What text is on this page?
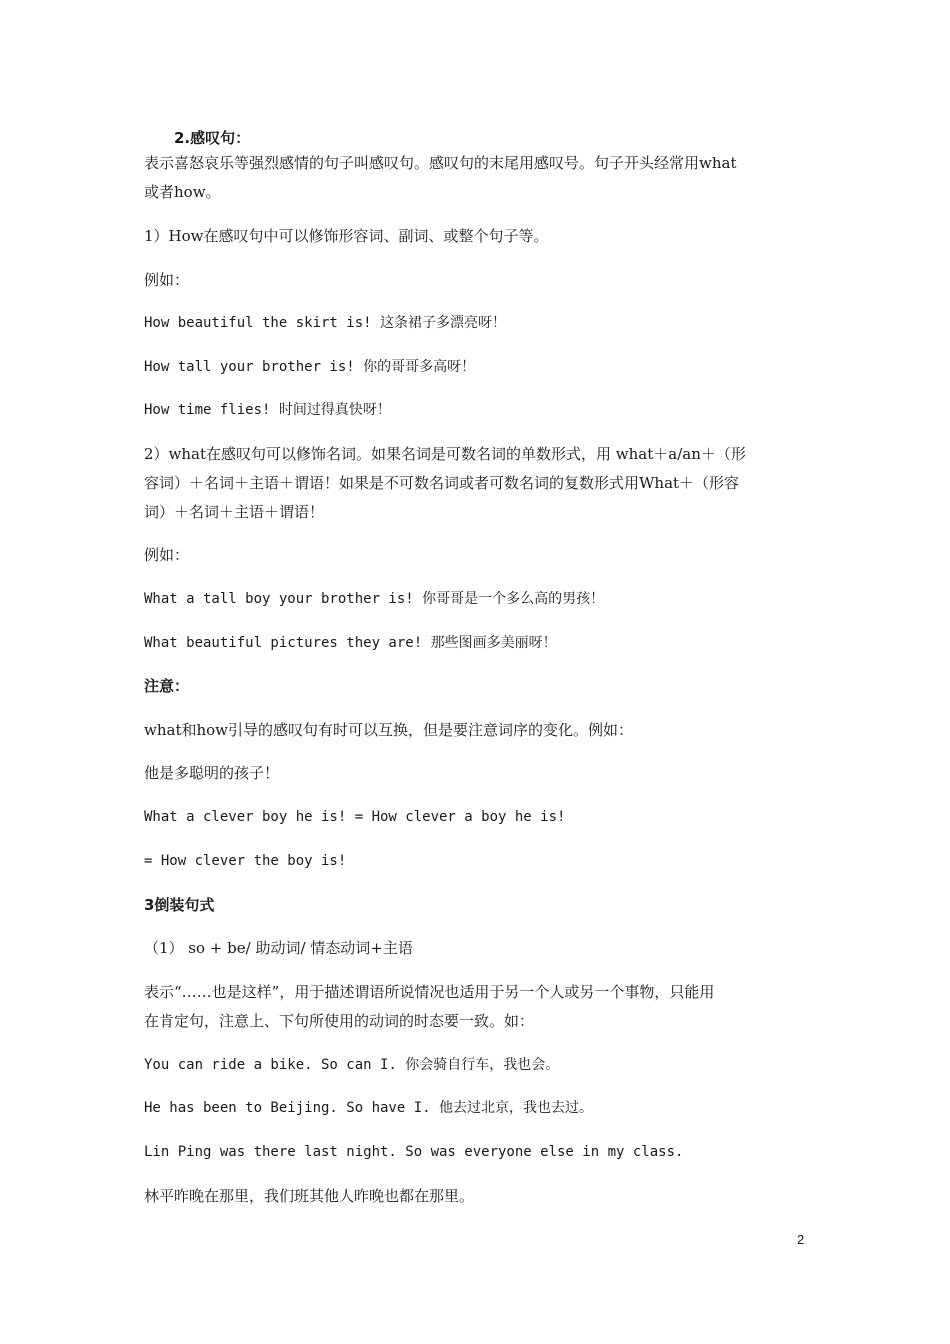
2.感叹句：
表示喜怒哀乐等强烈感情的句子叫感叹句。感叹句的末尾用感叹号。句子开头经常用what
或者how。
1）How在感叹句中可以修饰形容词、副词、或整个句子等。
例如：
How beautiful the skirt is! 这条裙子多漂亮呀！
How tall your brother is! 你的哥哥多高呀！
How time flies! 时间过得真快呀！
2）what在感叹句可以修饰名词。如果名词是可数名词的单数形式，用 what＋a/an＋（形
容词）＋名词＋主语＋谓语！如果是不可数名词或者可数名词的复数形式用What＋（形容
词）＋名词＋主语＋谓语！
例如：
What a tall boy your brother is! 你哥哥是一个多么高的男孩！
What beautiful pictures they are! 那些图画多美丽呀！
注意：
what和how引导的感叹句有时可以互换，但是要注意词序的变化。例如：
他是多聪明的孩子！
What a clever boy he is! = How clever a boy he is!
= How clever the boy is!
3倒装句式
（1） so + be/ 助动词/ 情态动词+主语
表示“……也是这样”，用于描述谓语所说情况也适用于另一个人或另一个事物，只能用
在肯定句，注意上、下句所使用的动词的时态要一致。如：
You can ride a bike. So can I. 你会骑自行车，我也会。
He has been to Beijing. So have I. 他去过北京，我也去过。
Lin Ping was there last night. So was everyone else in my class.
林平昨晚在那里，我们班其他人昨晚也都在那里。
2
